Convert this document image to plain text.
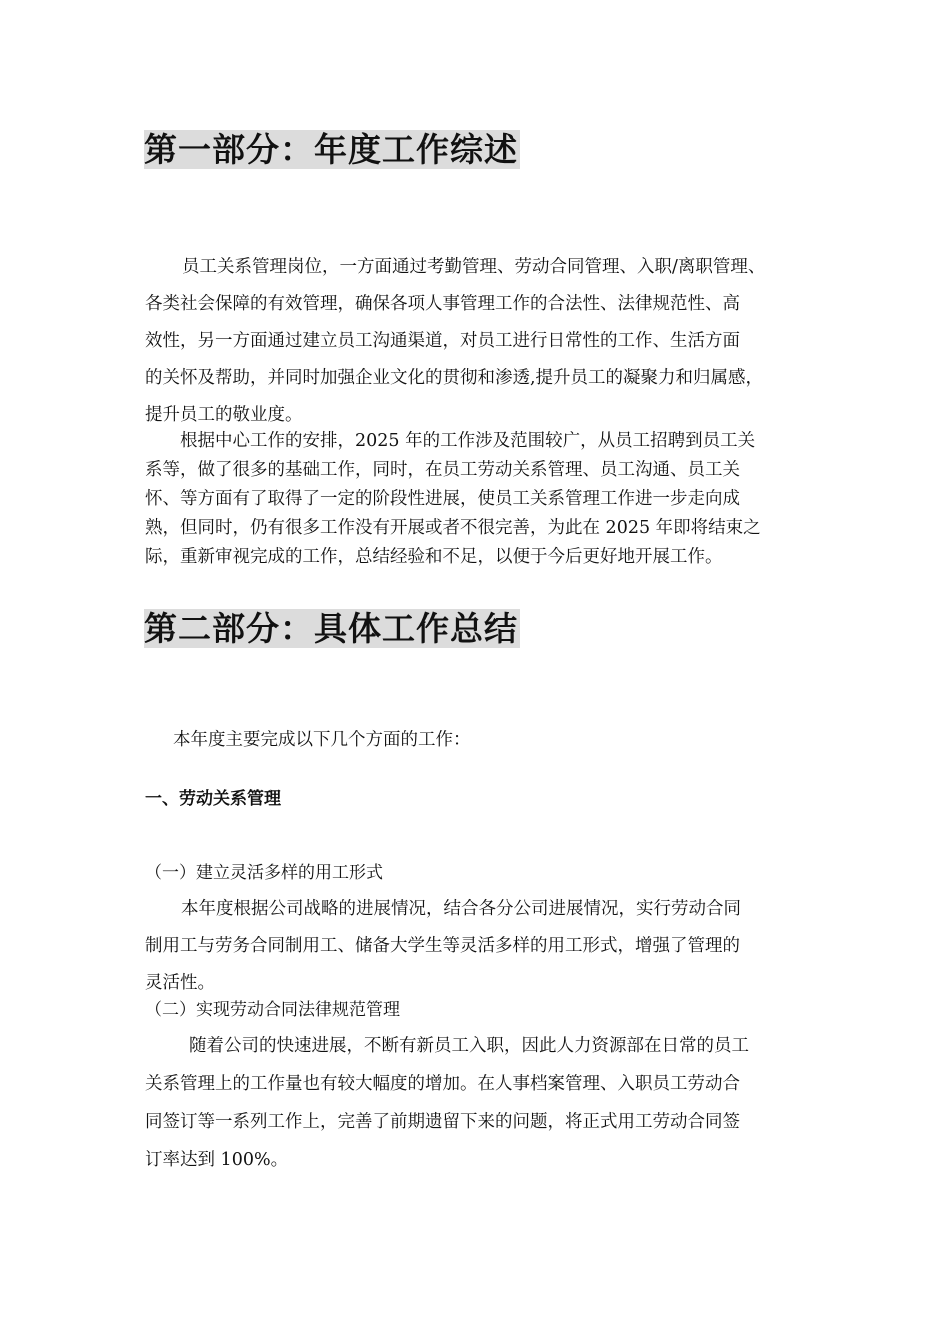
第一部分：年度工作综述
员工关系管理岗位，一方面通过考勤管理、劳动合同管理、入职/离职管理、
各类社会保障的有效管理，确保各项人事管理工作的合法性、法律规范性、高
效性，另一方面通过建立员工沟通渠道，对员工进行日常性的工作、生活方面
的关怀及帮助，并同时加强企业文化的贯彻和渗透,提升员工的凝聚力和归属感，
提升员工的敬业度。
根据中心工作的安排，2025 年的工作涉及范围较广，从员工招聘到员工关
系等，做了很多的基础工作，同时，在员工劳动关系管理、员工沟通、员工关
怀、等方面有了取得了一定的阶段性进展，使员工关系管理工作进一步走向成
熟，但同时，仍有很多工作没有开展或者不很完善，为此在 2025 年即将结束之
际，重新审视完成的工作，总结经验和不足，以便于今后更好地开展工作。
第二部分：具体工作总结

本年度主要完成以下几个方面的工作：

一、劳动关系管理

（一）建立灵活多样的用工形式

本年度根据公司战略的进展情况，结合各分公司进展情况，实行劳动合同
制用工与劳务合同制用工、储备大学生等灵活多样的用工形式，增强了管理的
灵活性。

（二）实现劳动合同法律规范管理

随着公司的快速进展，不断有新员工入职，因此人力资源部在日常的员工
关系管理上的工作量也有较大幅度的增加。在人事档案管理、入职员工劳动合
同签订等一系列工作上，完善了前期遗留下来的问题，将正式用工劳动合同签
订率达到 100%。
